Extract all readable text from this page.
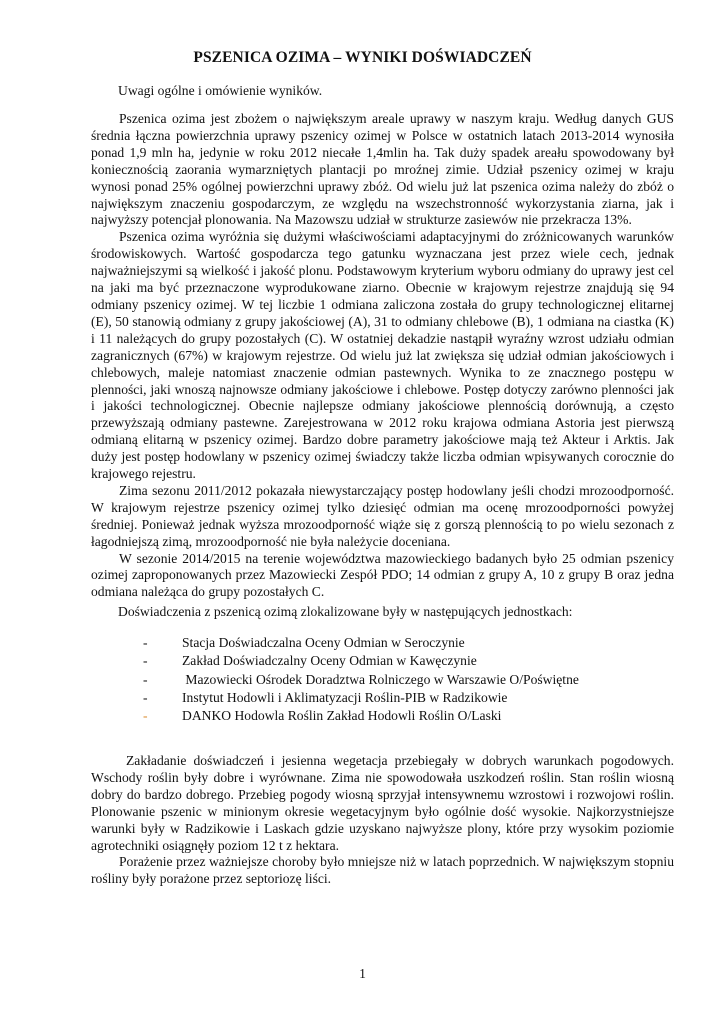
PSZENICA OZIMA – WYNIKI DOŚWIADCZEŃ
Uwagi ogólne i omówienie wyników.

Pszenica ozima jest zbożem o największym areale uprawy w naszym kraju. Według danych GUS średnia łączna powierzchnia uprawy pszenicy ozimej w Polsce w ostatnich latach 2013-2014 wynosiła ponad 1,9 mln ha, jedynie w roku 2012 niecałe 1,4mlin ha. Tak duży spadek areału spowodowany był koniecznością zaorania wymarzniętych plantacji po mroźnej zimie. Udział pszenicy ozimej w kraju wynosi ponad 25% ogólnej powierzchni uprawy zbóż. Od wielu już lat pszenica ozima należy do zbóż o największym znaczeniu gospodarczym, ze względu na wszechstronność wykorzystania ziarna, jak i najwyższy potencjał plonowania. Na Mazowszu udział w strukturze zasiewów nie przekracza 13%.

Pszenica ozima wyróżnia się dużymi właściwościami adaptacyjnymi do zróżnicowanych warunków środowiskowych. Wartość gospodarcza tego gatunku wyznaczana jest przez wiele cech, jednak najważniejszymi są wielkość i jakość plonu. Podstawowym kryterium wyboru odmiany do uprawy jest cel na jaki ma być przeznaczone wyprodukowane ziarno. Obecnie w krajowym rejestrze znajdują się 94 odmiany pszenicy ozimej. W tej liczbie 1 odmiana zaliczona została do grupy technologicznej elitarnej (E), 50 stanowią odmiany z grupy jakościowej (A), 31 to odmiany chlebowe (B), 1 odmiana na ciastka (K) i 11 należących do grupy pozostałych (C). W ostatniej dekadzie nastąpił wyraźny wzrost udziału odmian zagranicznych (67%) w krajowym rejestrze. Od wielu już lat zwiększa się udział odmian jakościowych i chlebowych, maleje natomiast znaczenie odmian pastewnych. Wynika to ze znacznego postępu w plenności, jaki wnoszą najnowsze odmiany jakościowe i chlebowe. Postęp dotyczy zarówno plenności jak i jakości technologicznej. Obecnie najlepsze odmiany jakościowe plennością dorównują, a często przewyższają odmiany pastewne. Zarejestrowana w 2012 roku krajowa odmiana Astoria jest pierwszą odmianą elitarną w pszenicy ozimej. Bardzo dobre parametry jakościowe mają też Akteur i Arktis. Jak duży jest postęp hodowlany w pszenicy ozimej świadczy także liczba odmian wpisywanych corocznie do krajowego rejestru.

Zima sezonu 2011/2012 pokazała niewystarczający postęp hodowlany jeśli chodzi mrozoodporność. W krajowym rejestrze pszenicy ozimej tylko dziesięć odmian ma ocenę mrozoodporności powyżej średniej. Ponieważ jednak wyższa mrozoodporność wiąże się z gorszą plennością to po wielu sezonach z łagodniejszą zimą, mrozoodporność nie była należycie doceniana.

W sezonie 2014/2015 na terenie województwa mazowieckiego badanych było 25 odmian pszenicy ozimej zaproponowanych przez Mazowiecki Zespół PDO; 14 odmian z grupy A, 10 z grupy B oraz jedna odmiana należąca do grupy pozostałych C.

Doświadczenia z pszenicą ozimą zlokalizowane były w następujących jednostkach:
-	Stacja Doświadczalna Oceny Odmian w Seroczynie
-	Zakład Doświadczalny Oceny Odmian w Kawęczynie
-	Mazowiecki Ośrodek Doradztwa Rolniczego w Warszawie O/Poświętne
-	Instytut Hodowli i Aklimatyzacji Roślin-PIB w Radzikowie
-	DANKO Hodowla Roślin Zakład Hodowli Roślin O/Laski

Zakładanie doświadczeń i jesienna wegetacja przebiegały w dobrych warunkach pogodowych. Wschody roślin były dobre i wyrównane. Zima nie spowodowała uszkodzeń roślin. Stan roślin wiosną dobry do bardzo dobrego. Przebieg pogody wiosną sprzyjał intensywnemu wzrostowi i rozwojowi roślin. Plonowanie pszenic w minionym okresie wegetacyjnym było ogólnie dość wysokie. Najkorzystniejsze warunki były w Radzikowie i Laskach gdzie uzyskano najwyższe plony, które przy wysokim poziomie agrotechniki osiągnęły poziom 12 t z hektara.

Porażenie przez ważniejsze choroby było mniejsze niż w latach poprzednich. W największym stopniu rośliny były porażone przez septoriozę liści.

1
